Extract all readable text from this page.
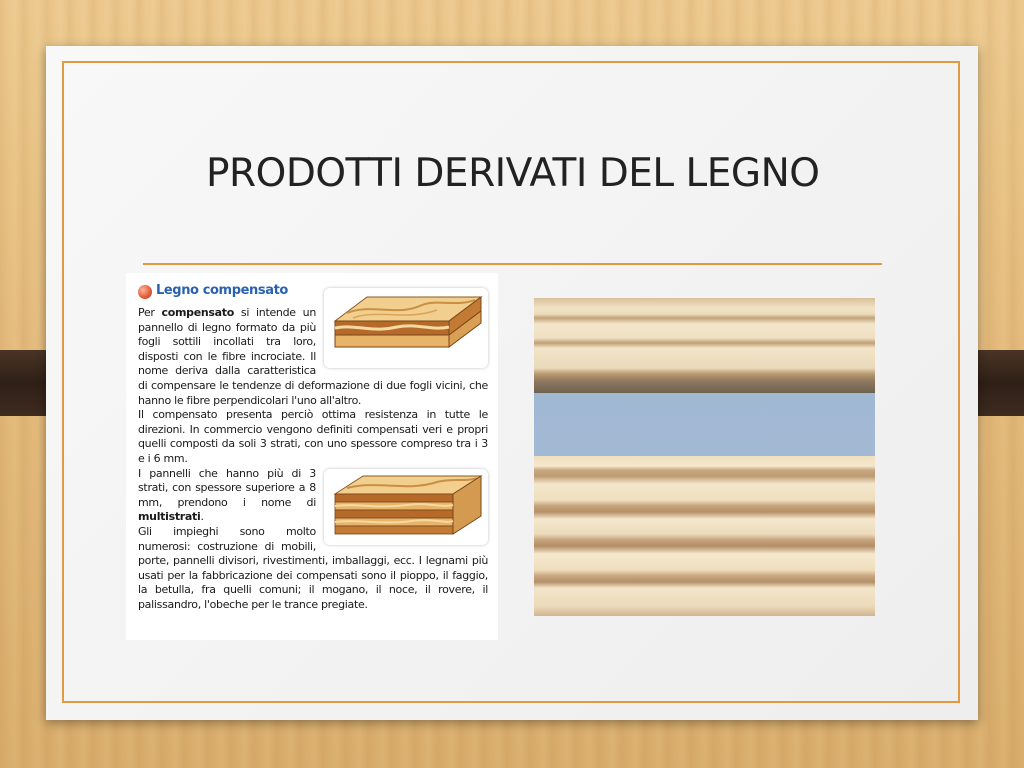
PRODOTTI DERIVATI DEL LEGNO
Legno compensato

Per compensato si intende un pannello di legno formato da più fogli sottili incollati tra loro, disposti con le fibre incrociate. Il nome deriva dalla caratteristica di compensare le tendenze di deformazione di due fogli vicini, che hanno le fibre perpendicolari l'uno all'altro.

Il compensato presenta perciò ottima resistenza in tutte le direzioni. In commercio vengono definiti compensati veri e propri quelli composti da soli 3 strati, con uno spessore compreso tra i 3 e i 6 mm.

I pannelli che hanno più di 3 strati, con spessore superiore a 8 mm, prendono i nome di multistrati.

Gli impieghi sono molto numerosi: costruzione di mobili, porte, pannelli divisori, rivestimenti, imballaggi, ecc. I legnami più usati per la fabbricazione dei compensati sono il pioppo, il faggio, la betulla, fra quelli comuni; il mogano, il noce, il rovere, il palissandro, l'obeche per le trance pregiate.
